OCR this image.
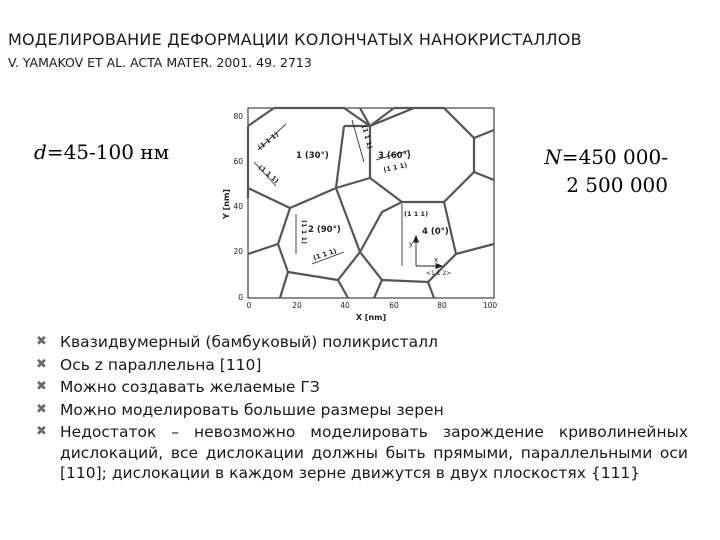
МОДЕЛИРОВАНИЕ ДЕФОРМАЦИИ КОЛОНЧАТЫХ НАНОКРИСТАЛЛОВ
V. YAMAKOV ET AL. ACTA MATER. 2001. 49. 2713
d=45-100 нм	N=450 000-
2 500 000
Y [nm]
80
60
40
20
0
0	20	40	60	80	100
X [nm]
1 (30°)	3 (60°)
2 (90°)	4 (0°)
(1 1 1)
(1 1 1)
(1 1 1)
(1 1 1)
(1 1 1)
(1 1 1)
(1 1 1)
y
x
<1 1 2>
✖ Квазидвумерный (бамбуковый) поликристалл
✖ Ось z параллельна [110]
✖ Можно создавать желаемые ГЗ
✖ Можно моделировать большие размеры зерен
✖ Недостаток – невозможно моделировать зарождение криволинейных дислокаций, все дислокации должны быть прямыми, параллельными оси [110]; дислокации в каждом зерне движутся в двух плоскостях {111}
